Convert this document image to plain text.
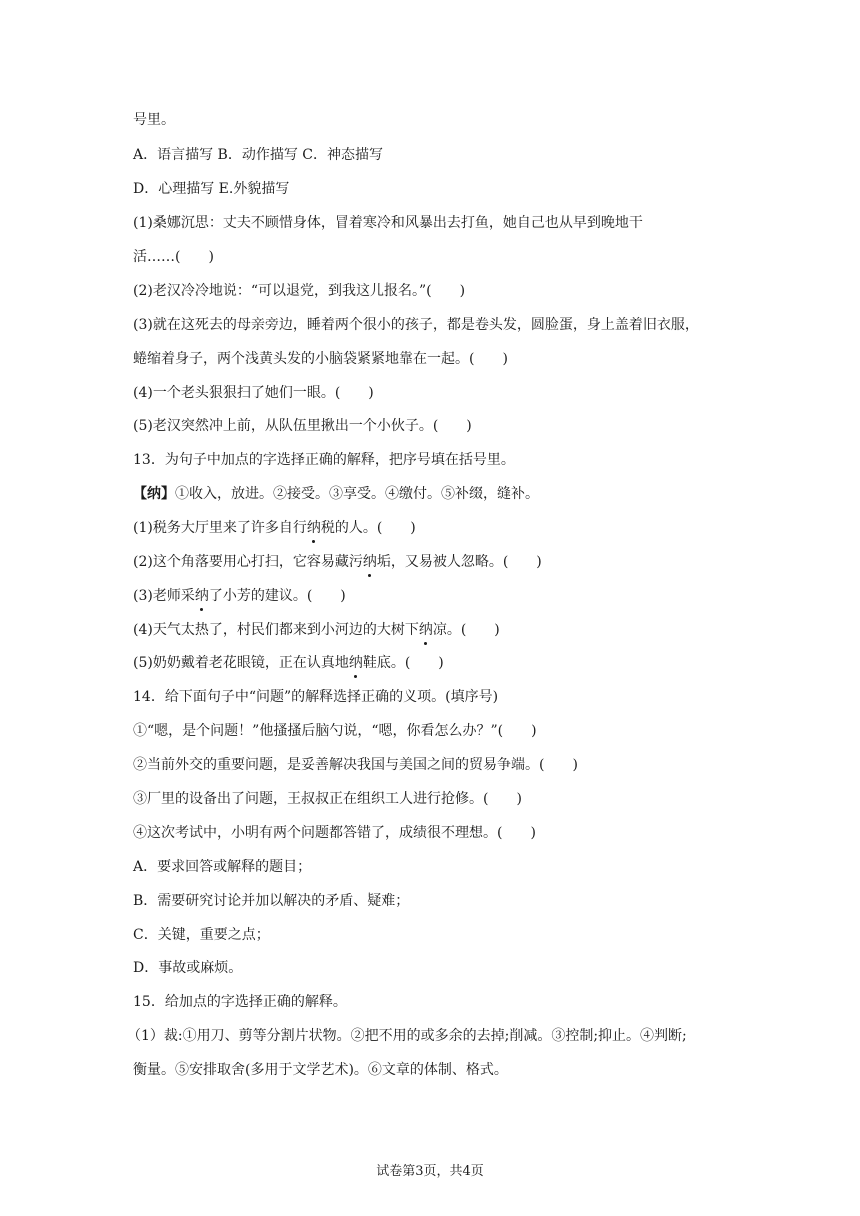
号里。
A．语言描写 B．动作描写 C．神态描写
D．心理描写 E.外貌描写
(1)桑娜沉思：丈夫不顾惜身体，冒着寒冷和风暴出去打鱼，她自己也从早到晚地干
活……(　　)
(2)老汉冷冷地说：“可以退党，到我这儿报名。”(　　)
(3)就在这死去的母亲旁边，睡着两个很小的孩子，都是卷头发，圆脸蛋，身上盖着旧衣服，
蜷缩着身子，两个浅黄头发的小脑袋紧紧地靠在一起。(　　)
(4)一个老头狠狠扫了她们一眼。(　　)
(5)老汉突然冲上前，从队伍里揪出一个小伙子。(　　)
13．为句子中加点的字选择正确的解释，把序号填在括号里。
【纳】①收入，放进。②接受。③享受。④缴付。⑤补缀，缝补。
(1)税务大厅里来了许多自行纳税的人。(　　)
(2)这个角落要用心打扫，它容易藏污纳垢，又易被人忽略。(　　)
(3)老师采纳了小芳的建议。(　　)
(4)天气太热了，村民们都来到小河边的大树下纳凉。(　　)
(5)奶奶戴着老花眼镜，正在认真地纳鞋底。(　　)
14．给下面句子中“问题”的解释选择正确的义项。(填序号)
①“嗯，是个问题！”他搔搔后脑勺说，“嗯，你看怎么办？”(　　)
②当前外交的重要问题，是妥善解决我国与美国之间的贸易争端。(　　)
③厂里的设备出了问题，王叔叔正在组织工人进行抢修。(　　)
④这次考试中，小明有两个问题都答错了，成绩很不理想。(　　)
A．要求回答或解释的题目；
B．需要研究讨论并加以解决的矛盾、疑难；
C．关键，重要之点；
D．事故或麻烦。
15．给加点的字选择正确的解释。
（1）裁:①用刀、剪等分割片状物。②把不用的或多余的去掉;削减。③控制;抑止。④判断;
衡量。⑤安排取舍(多用于文学艺术)。⑥文章的体制、格式。
试卷第3页，共4页
